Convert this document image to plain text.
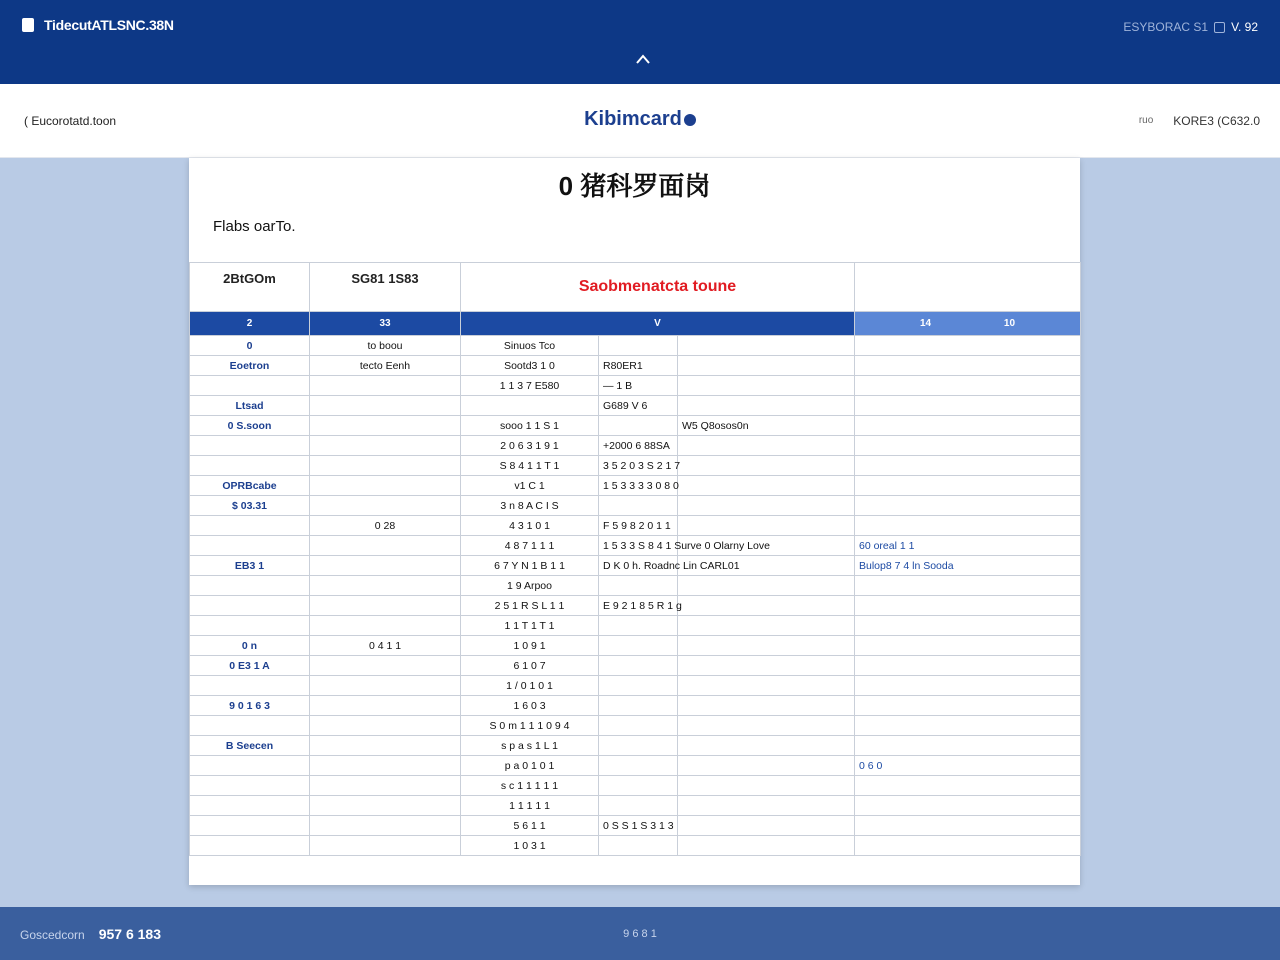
TidecutATLSNC.38N	ESYBORAC S1 V. 92
( Eucorotatd.toon	Kibimcard	ruo KORE3 (C632.0
0 猪科罗面岗
Flabs oarTo.
2BtGOm	SG81 1S83	Saobmenatcta toune			
2	33	V			14 10
0	to boou	Sinuos Tco			
Eoetron	tecto Eenh	Sootd3 1 0	R80ER1		
		1 1 3 7 E580	— 1 B		
Ltsad			G689 V 6		
0 S.soon		sooo 1 1 S 1		W5 Q8osos0n	
		2 0 6 3 1 9 1	+2000 6 88SA		
		S 8 4 1 1 T 1	3 5 2 0 3 S 2 1 7		
OPRBcabe		v1 C 1	1 5 3 3 3 3 0 8 0		
$ 03.31		3 n 8 A C I S			
	0 28	4 3 1 0 1	F 5 9 8 2 0 1 1		
		4 8 7 1 1 1	1 5 3 3 S 8 4 1 Surve 0 Olarny Love		60 oreal 1 1
EB3 1		6 7 Y N 1 B 1 1	D K 0 h. Roadnc Lin CARL01		Bulop8 7 4 ln Sooda
		1 9 Arpoo			
		2 5 1 R S L 1 1	E 9 2 1 8 5 R 1 g		
		1 1 T 1 T 1			
0 n	0 4 1 1	1 0 9 1			
0 E3 1 A		6 1 0 7			
		1 / 0 1 0 1			
9 0 1 6 3		1 6 0 3			
		S 0 m 1 1 1 0 9 4			
B Seecen		s p a s 1 L 1			
		p a 0 1 0 1			0 6 0
		s c 1 1 1 1 1			
		1 1 1 1 1			
		5 6 1 1	0 S S 1 S 3 1 3		
		1 0 3 1			
Goscedcorn 957 6 183	9 6 8 1
